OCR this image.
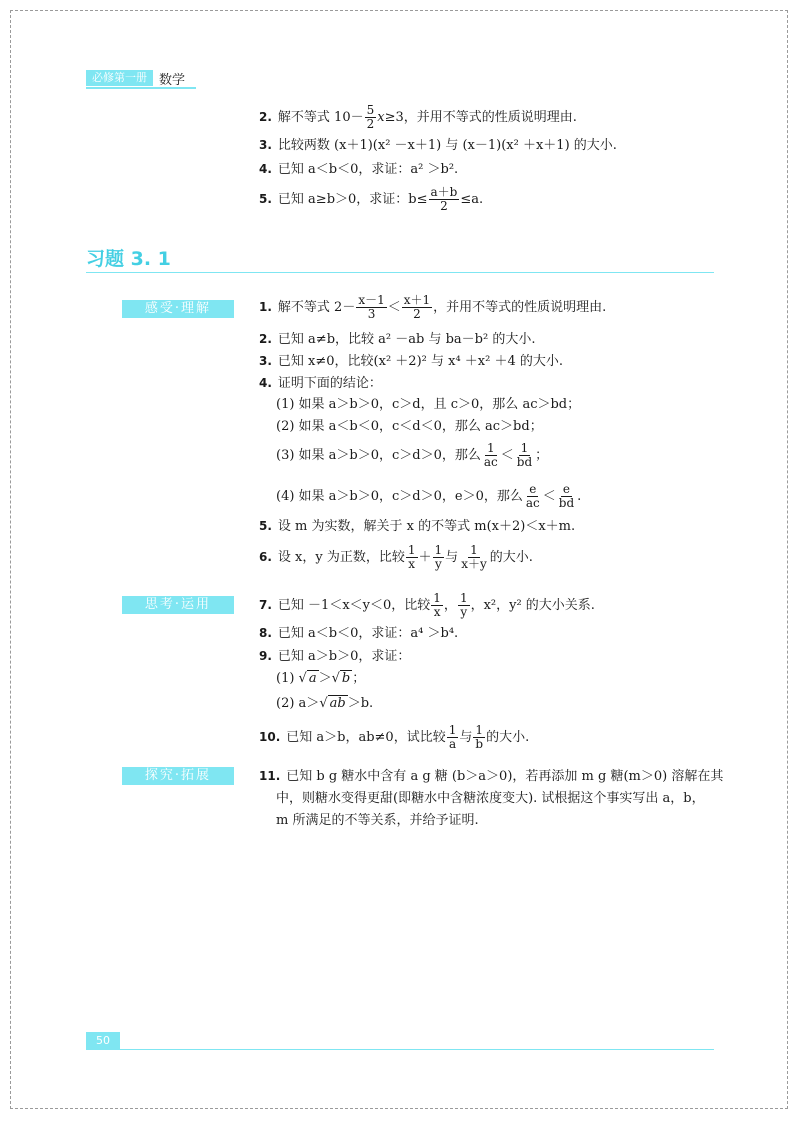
必修第一册 数学
2. 解不等式 $10- \frac{5}{2} x\ge 3$，并用不等式的性质说明理由.
3. 比较两数 (x＋1)(x² －x＋1) 与 (x－1)(x² ＋x＋1) 的大小.
4. 已知 a＜b＜0，求证：a² ＞b².
5. 已知 a≥b＞0，求证：$b\le \frac{a+b}{2} \le a$.
习题 3. 1
感受·理解
思考·运用
探究·拓展
1. 解不等式 $2- \frac{x-1}{3} < \frac{x+1}{2}$ ，并用不等式的性质说明理由.
2. 已知 a≠b，比较 a² －ab 与 ba－b² 的大小.
3. 已知 x≠0，比较(x² ＋2)² 与 x⁴ ＋x² ＋4 的大小.
4. 证明下面的结论：
(1) 如果 a＞b＞0，c＞d，且 c＞0，那么 ac＞bd；
(2) 如果 a＜b＜0，c＜d＜0，那么 ac＞bd；
(3) 如果 a＞b＞0，c＞d＞0，那么 $\frac{1}{ac} < \frac{1}{bd}$ ；
(4) 如果 a＞b＞0，c＞d＞0，e＞0，那么 $\frac{e}{ac} < \frac{e}{bd}$ .
5. 设 m 为实数，解关于 x 的不等式 m(x＋2)＜x＋m.
6. 设 x，y 为正数，比较 $\frac{1}{x} + \frac{1}{y}$ 与 $\frac{1}{x+y}$ 的大小.
7. 已知 －1＜x＜y＜0，比较 $\frac{1}{x}$ ， $\frac{1}{y}$ ，x²，y² 的大小关系.
8. 已知 a＜b＜0，求证：a⁴ ＞b⁴.
9. 已知 a＞b＞0，求证：
(1) √ a ＞√ b ；
(2) a＞√ ab ＞b.
10. 已知 a＞b，ab≠0，试比较 $\frac{1}{a}$ 与 $\frac{1}{b}$ 的大小.
11. 已知 b g 糖水中含有 a g 糖 (b＞a＞0)，若再添加 m g 糖(m＞0) 溶解在其
中，则糖水变得更甜(即糖水中含糖浓度变大). 试根据这个事实写出 a，b，
m 所满足的不等关系，并给予证明.
50
